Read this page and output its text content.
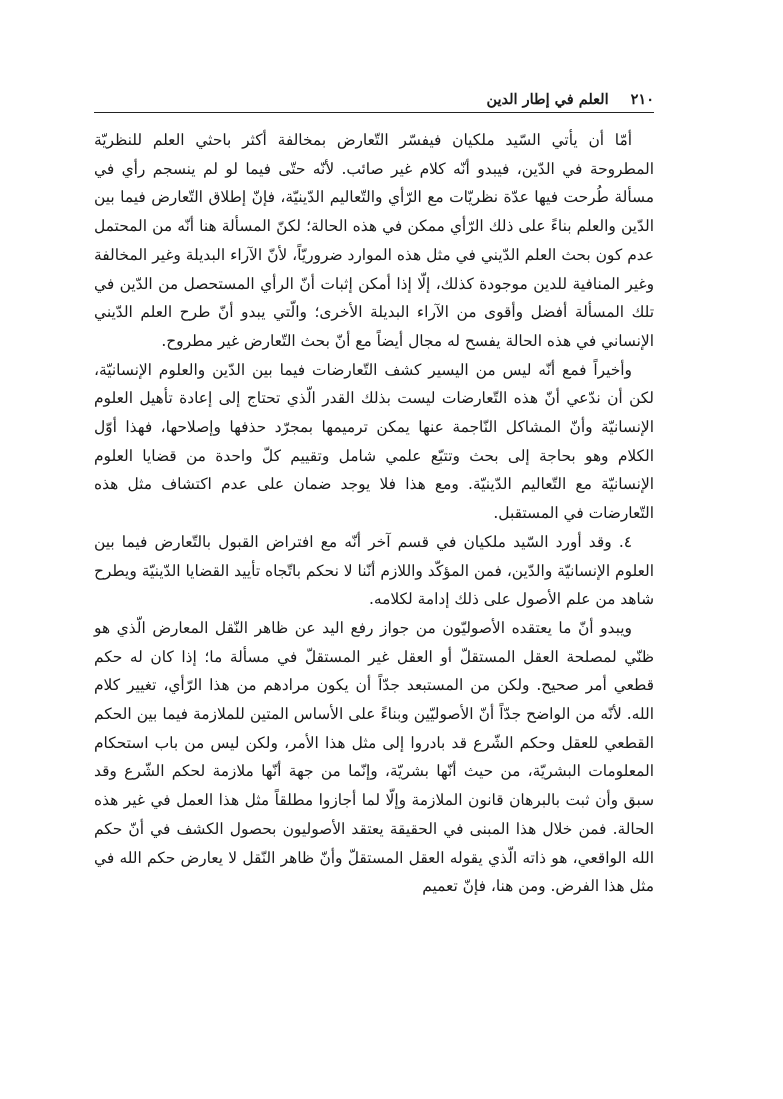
٢١٠
العلم في إطار الدين

أمّا أن يأتي السّيد ملكيان فيفسّر التّعارض بمخالفة أكثر باحثي العلم للنظريّة المطروحة في الدّين، فيبدو أنّه كلام غير صائب. لأنّه حتّى فيما لو لم ينسجم رأي في مسألة طُرحت فيها عدّة نظريّات مع الرّأي والتّعاليم الدّينيّة، فإنّ إطلاق التّعارض فيما بين الدّين والعلم بناءً على ذلك الرّأي ممكن في هذه الحالة؛ لكنّ المسألة هنا أنّه من المحتمل عدم كون بحث العلم الدّيني في مثل هذه الموارد ضروريّاً، لأنّ الآراء البديلة وغير المخالفة وغير المنافية للدين موجودة كذلك، إلّا إذا أمكن إثبات أنّ الرأي المستحصل من الدّين في تلك المسألة أفضل وأقوى من الآراء البديلة الأخرى؛ والّتي يبدو أنّ طرح العلم الدّيني الإنساني في هذه الحالة يفسح له مجال أيضاً مع أنّ بحث التّعارض غير مطروح.

وأخيراً فمع أنّه ليس من اليسير كشف التّعارضات فيما بين الدّين والعلوم الإنسانيّة، لكن أن ندّعي أنّ هذه التّعارضات ليست بذلك القدر الّذي تحتاج إلى إعادة تأهيل العلوم الإنسانيّة وأنّ المشاكل النّاجمة عنها يمكن ترميمها بمجرّد حذفها وإصلاحها، فهذا أوّل الكلام وهو بحاجة إلى بحث وتتبّع علمي شامل وتقييم كلّ واحدة من قضايا العلوم الإنسانيّة مع التّعاليم الدّينيّة. ومع هذا فلا يوجد ضمان على عدم اكتشاف مثل هذه التّعارضات في المستقبل.

٤. وقد أورد السّيد ملكيان في قسم آخر أنّه مع افتراض القبول بالتّعارض فيما بين العلوم الإنسانيّة والدّين، فمن المؤكّد واللازم أنّنا لا نحكم باتّجاه تأييد القضايا الدّينيّة ويطرح شاهد من علم الأصول على ذلك إدامة لكلامه.

ويبدو أنّ ما يعتقده الأصوليّون من جواز رفع اليد عن ظاهر النّقل المعارض الّذي هو ظنّي لمصلحة العقل المستقلّ أو العقل غير المستقلّ في مسألة ما؛ إذا كان له حكم قطعي أمر صحيح. ولكن من المستبعد جدّاً أن يكون مرادهم من هذا الرّأي، تغيير كلام الله. لأنّه من الواضح جدّاً أنّ الأصوليّين وبناءً على الأساس المتين للملازمة فيما بين الحكم القطعي للعقل وحكم الشّرع قد بادروا إلى مثل هذا الأمر، ولكن ليس من باب استحكام المعلومات البشريّة، من حيث أنّها بشريّة، وإنّما من جهة أنّها ملازمة لحكم الشّرع وقد سبق وأن ثبت بالبرهان قانون الملازمة وإلّا لما أجازوا مطلقاً مثل هذا العمل في غير هذه الحالة. فمن خلال هذا المبنى في الحقيقة يعتقد الأصوليون بحصول الكشف في أنّ حكم الله الواقعي، هو ذاته الّذي يقوله العقل المستقلّ وأنّ ظاهر النّقل لا يعارض حكم الله في مثل هذا الفرض. ومن هنا، فإنّ تعميم
